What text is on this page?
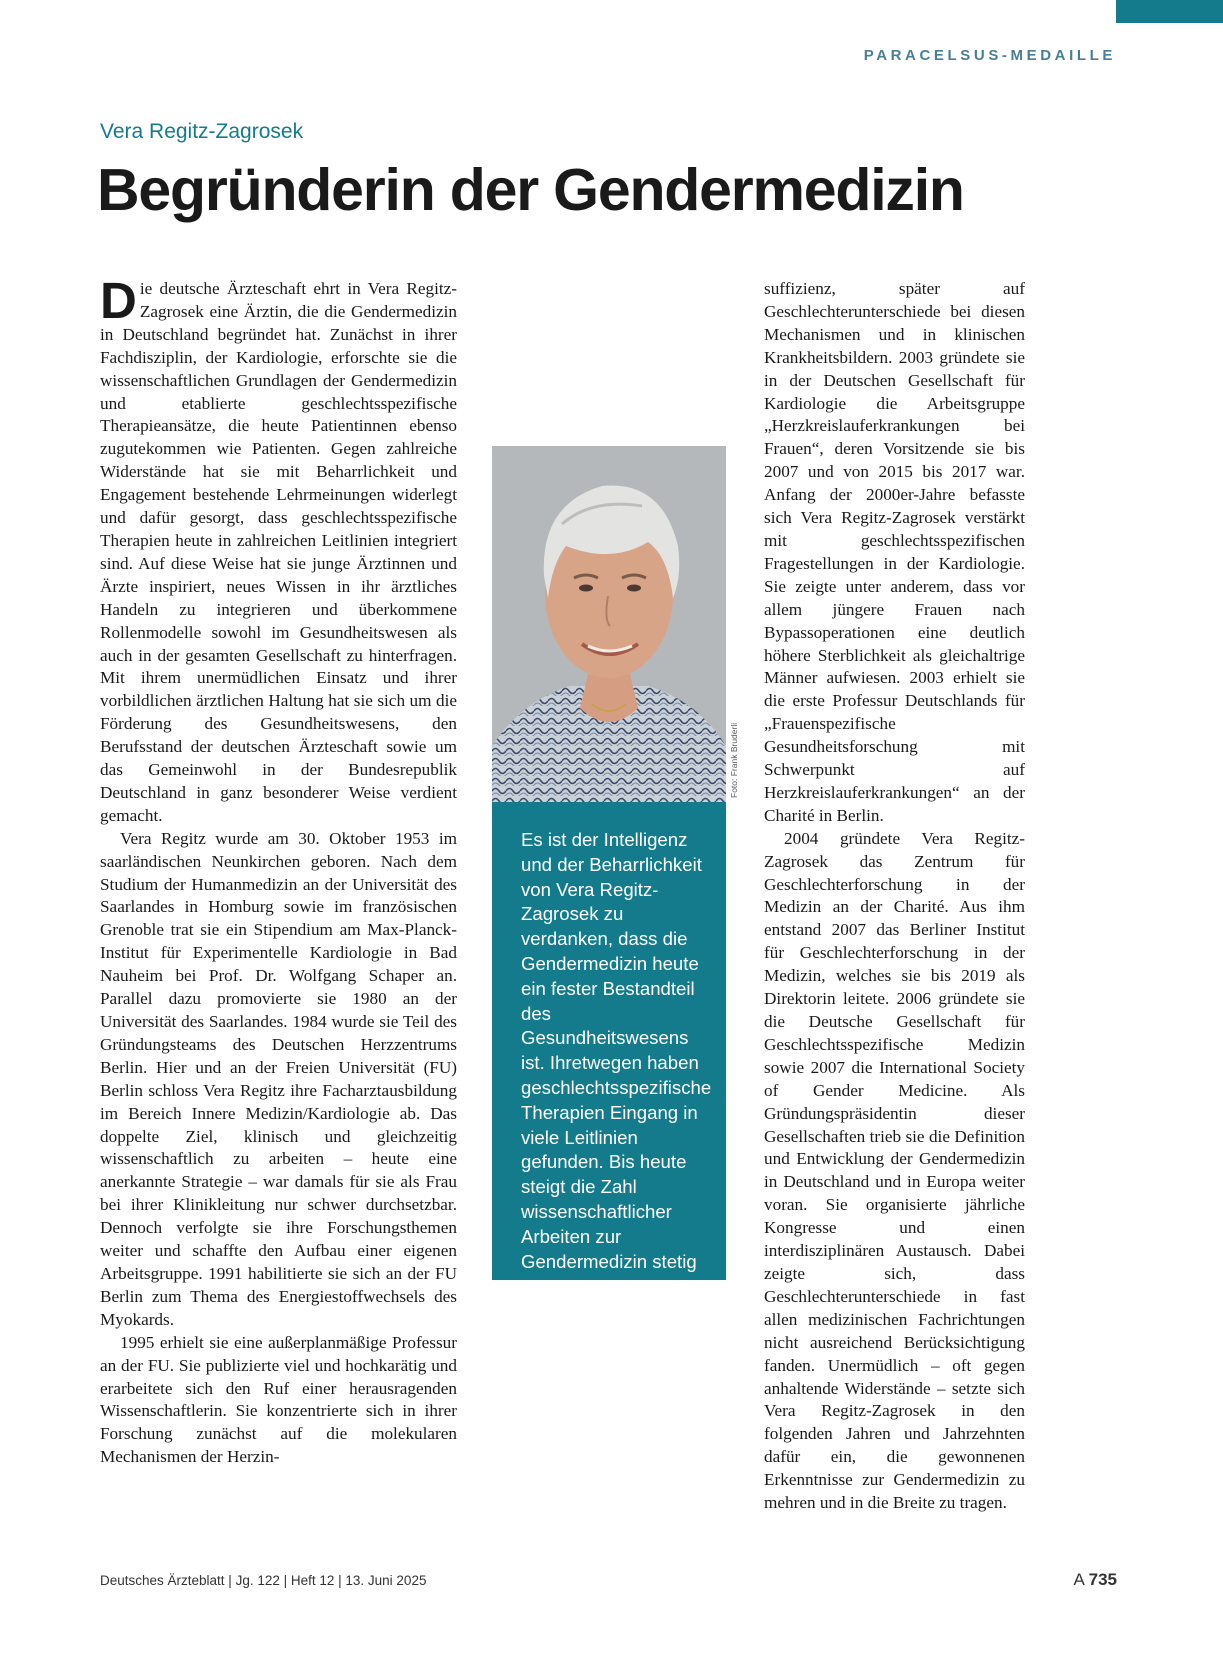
PARACELSUS-MEDAILLE
Vera Regitz-Zagrosek
Begründerin der Gendermedizin

Die deutsche Ärzteschaft ehrt in Vera Regitz-Zagrosek eine Ärztin, die die Gendermedizin in Deutschland begründet hat. Zunächst in ihrer Fachdisziplin, der Kardiologie, erforschte sie die wissenschaftlichen Grundlagen der Gendermedizin und etablierte geschlechtsspezifische Therapieansätze, die heute Patientinnen ebenso zugutekommen wie Patienten. Gegen zahlreiche Widerstände hat sie mit Beharrlichkeit und Engagement bestehende Lehrmeinungen widerlegt und dafür gesorgt, dass geschlechtsspezifische Therapien heute in zahlreichen Leitlinien integriert sind. Auf diese Weise hat sie junge Ärztinnen und Ärzte inspiriert, neues Wissen in ihr ärztliches Handeln zu integrieren und überkommene Rollenmodelle sowohl im Gesundheitswesen als auch in der gesamten Gesellschaft zu hinterfragen. Mit ihrem unermüdlichen Einsatz und ihrer vorbildlichen ärztlichen Haltung hat sie sich um die Förderung des Gesundheitswesens, den Berufsstand der deutschen Ärzteschaft sowie um das Gemeinwohl in der Bundesrepublik Deutschland in ganz besonderer Weise verdient gemacht.

Vera Regitz wurde am 30. Oktober 1953 im saarländischen Neunkirchen geboren. Nach dem Studium der Humanmedizin an der Universität des Saarlandes in Homburg sowie im französischen Grenoble trat sie ein Stipendium am Max-Planck-Institut für Experimentelle Kardiologie in Bad Nauheim bei Prof. Dr. Wolfgang Schaper an. Parallel dazu promovierte sie 1980 an der Universität des Saarlandes. 1984 wurde sie Teil des Gründungsteams des Deutschen Herzzentrums Berlin. Hier und an der Freien Universität (FU) Berlin schloss Vera Regitz ihre Facharztausbildung im Bereich Innere Medizin/Kardiologie ab. Das doppelte Ziel, klinisch und gleichzeitig wissenschaftlich zu arbeiten – heute eine anerkannte Strategie – war damals für sie als Frau bei ihrer Klinikleitung nur schwer durchsetzbar. Dennoch verfolgte sie ihre Forschungsthemen weiter und schaffte den Aufbau einer eigenen Arbeitsgruppe. 1991 habilitierte sie sich an der FU Berlin zum Thema des Energiestoffwechsels des Myokards.

1995 erhielt sie eine außerplanmäßige Professur an der FU. Sie publizierte viel und hochkarätig und erarbeitete sich den Ruf einer herausragenden Wissenschaftlerin. Sie konzentrierte sich in ihrer Forschung zunächst auf die molekularen Mechanismen der Herzin-

Foto: Frank Bruderli

Es ist der Intelligenz und der Beharrlichkeit von Vera Regitz-Zagrosek zu verdanken, dass die Gendermedizin heute ein fester Bestandteil des Gesundheitswesens ist. Ihretwegen haben geschlechtsspezifische Therapien Eingang in viele Leitlinien gefunden. Bis heute steigt die Zahl wissenschaftlicher Arbeiten zur Gendermedizin stetig an.

suffizienz, später auf Geschlechterunterschiede bei diesen Mechanismen und in klinischen Krankheitsbildern. 2003 gründete sie in der Deutschen Gesellschaft für Kardiologie die Arbeitsgruppe „Herzkreislauferkrankungen bei Frauen“, deren Vorsitzende sie bis 2007 und von 2015 bis 2017 war. Anfang der 2000er-Jahre befasste sich Vera Regitz-Zagrosek verstärkt mit geschlechtsspezifischen Fragestellungen in der Kardiologie. Sie zeigte unter anderem, dass vor allem jüngere Frauen nach Bypassoperationen eine deutlich höhere Sterblichkeit als gleichaltrige Männer aufwiesen. 2003 erhielt sie die erste Professur Deutschlands für „Frauenspezifische Gesundheitsforschung mit Schwerpunkt auf Herzkreislauferkrankungen“ an der Charité in Berlin.

2004 gründete Vera Regitz-Zagrosek das Zentrum für Geschlechterforschung in der Medizin an der Charité. Aus ihm entstand 2007 das Berliner Institut für Geschlechterforschung in der Medizin, welches sie bis 2019 als Direktorin leitete. 2006 gründete sie die Deutsche Gesellschaft für Geschlechtsspezifische Medizin sowie 2007 die International Society of Gender Medicine. Als Gründungspräsidentin dieser Gesellschaften trieb sie die Definition und Entwicklung der Gendermedizin in Deutschland und in Europa weiter voran. Sie organisierte jährliche Kongresse und einen interdisziplinären Austausch. Dabei zeigte sich, dass Geschlechterunterschiede in fast allen medizinischen Fachrichtungen nicht ausreichend Berücksichtigung fanden. Unermüdlich – oft gegen anhaltende Widerstände – setzte sich Vera Regitz-Zagrosek in den folgenden Jahren und Jahrzehnten dafür ein, die gewonnenen Erkenntnisse zur Gendermedizin zu mehren und in die Breite zu tragen.

Deutsches Ärzteblatt | Jg. 122 | Heft 12 | 13. Juni 2025	A 735
